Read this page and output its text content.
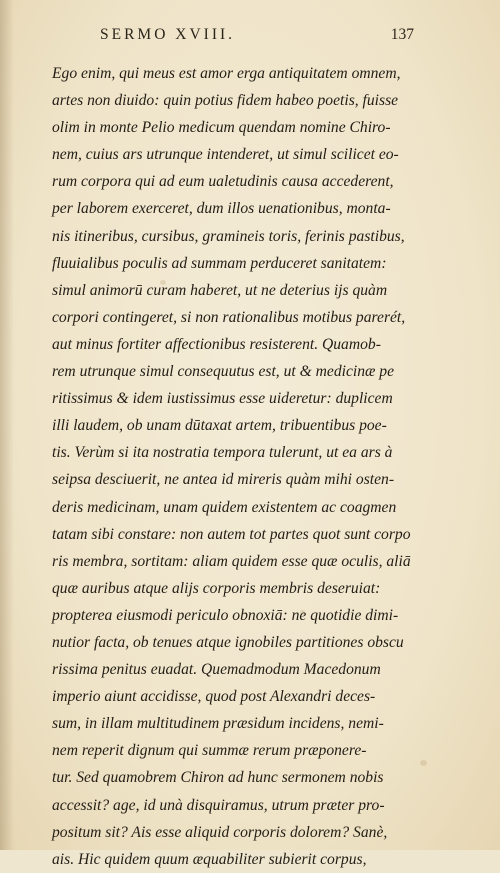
SERMO XVIII.	137
Ego enim, qui meus est amor erga antiquitatem omnem,
artes non diuido: quin potius fidem habeo poetis, fuisse
olim in monte Pelio medicum quendam nomine Chiro-
nem, cuius ars utrunque intenderet, ut simul scilicet eo-
rum corpora qui ad eum ualetudinis causa accederent,
per laborem exerceret, dum illos uenationibus, monta-
nis itineribus, cursibus, gramineis toris, ferinis pastibus,
fluuialibus poculis ad summam perduceret sanitatem:
simul animorū curam haberet, ut ne deterius ijs quàm
corpori contingeret, si non rationalibus motibus parerét,
aut minus fortiter affectionibus resisterent. Quamob-
rem utrunque simul consequutus est, ut & medicinæ pe
ritissimus & idem iustissimus esse uideretur: duplicem
illi laudem, ob unam dūtaxat artem, tribuentibus poe-
tis. Verùm si ita nostratia tempora tulerunt, ut ea ars à
seipsa desciuerit, ne antea id mireris quàm mihi osten-
deris medicinam, unam quidem existentem ac coagmen
tatam sibi constare: non autem tot partes quot sunt corpo
ris membra, sortitam: aliam quidem esse quæ oculis, aliā
quæ auribus atque alijs corporis membris deseruiat:
propterea eiusmodi periculo obnoxiā: ne quotidie dimi-
nutior facta, ob tenues atque ignobiles partitiones obscu
rissima penitus euadat. Quemadmodum Macedonum
imperio aiunt accidisse, quod post Alexandri deces-
sum, in illam multitudinem præsidum incidens, nemi-
nem reperit dignum qui summæ rerum præponere-
tur. Sed quamobrem Chiron ad hunc sermonem nobis
accessit? age, id unà disquiramus, utrum præter pro-
positum sit? Ais esse aliquid corporis dolorem? Sanè,
ais. Hic quidem quum æquabiliter subierit corpus,
